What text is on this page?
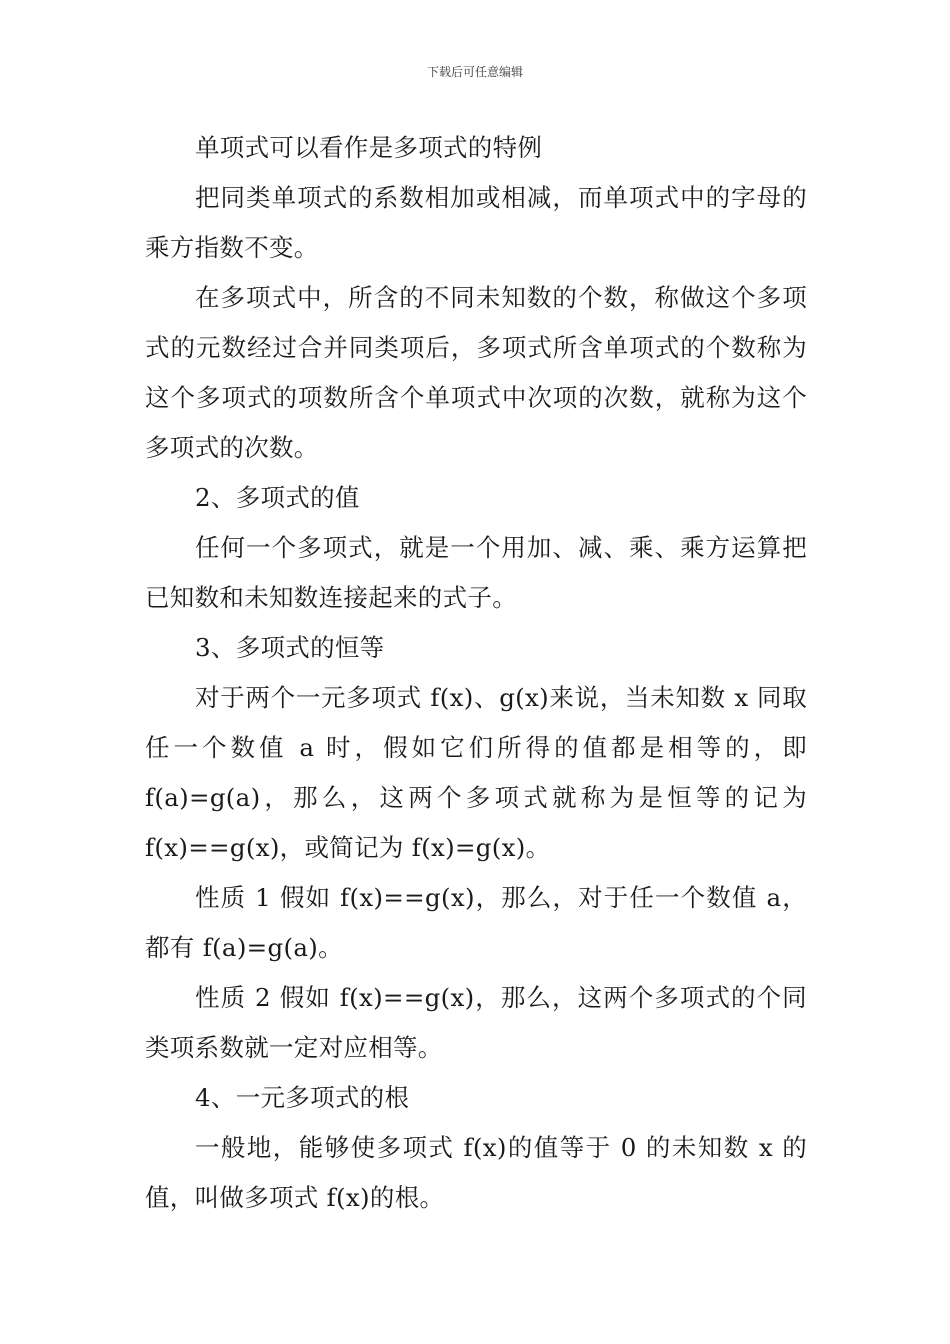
下载后可任意编辑

单项式可以看作是多项式的特例

把同类单项式的系数相加或相减，而单项式中的字母的乘方指数不变。

在多项式中，所含的不同未知数的个数，称做这个多项式的元数经过合并同类项后，多项式所含单项式的个数称为这个多项式的项数所含个单项式中次项的次数，就称为这个多项式的次数。

2、多项式的值

任何一个多项式，就是一个用加、减、乘、乘方运算把已知数和未知数连接起来的式子。

3、多项式的恒等

对于两个一元多项式 f(x)、g(x)来说，当未知数 x 同取任一个数值 a 时，假如它们所得的值都是相等的，即 f(a)=g(a)，那么，这两个多项式就称为是恒等的记为 f(x)==g(x)，或简记为 f(x)=g(x)。

性质 1 假如 f(x)==g(x)，那么，对于任一个数值 a，都有 f(a)=g(a)。

性质 2 假如 f(x)==g(x)，那么，这两个多项式的个同类项系数就一定对应相等。

4、一元多项式的根

一般地，能够使多项式 f(x)的值等于 0 的未知数 x 的值，叫做多项式 f(x)的根。
